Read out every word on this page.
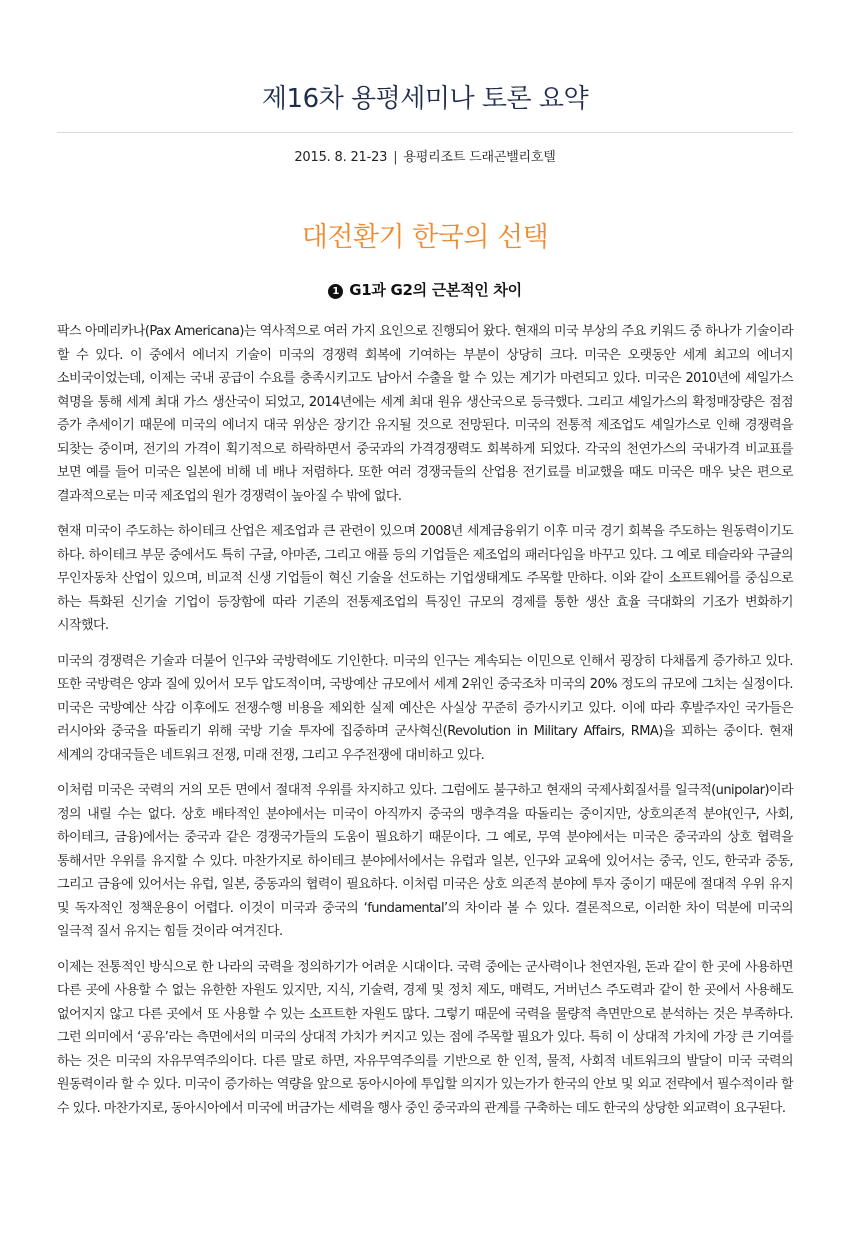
제16차 용평세미나 토론 요약
2015. 8. 21-23 | 용평리조트 드래곤밸리호텔
대전환기 한국의 선택
1 G1과 G2의 근본적인 차이

팍스 아메리카나(Pax Americana)는 역사적으로 여러 가지 요인으로 진행되어 왔다. 현재의 미국 부상의 주요 키워드 중 하나가 기술이라 할 수 있다. 이 중에서 에너지 기술이 미국의 경쟁력 회복에 기여하는 부분이 상당히 크다. 미국은 오랫동안 세계 최고의 에너지 소비국이었는데, 이제는 국내 공급이 수요를 충족시키고도 남아서 수출을 할 수 있는 계기가 마련되고 있다. 미국은 2010년에 셰일가스 혁명을 통해 세계 최대 가스 생산국이 되었고, 2014년에는 세계 최대 원유 생산국으로 등극했다. 그리고 셰일가스의 확정매장량은 점점 증가 추세이기 때문에 미국의 에너지 대국 위상은 장기간 유지될 것으로 전망된다. 미국의 전통적 제조업도 셰일가스로 인해 경쟁력을 되찾는 중이며, 전기의 가격이 획기적으로 하락하면서 중국과의 가격경쟁력도 회복하게 되었다. 각국의 천연가스의 국내가격 비교표를 보면 예를 들어 미국은 일본에 비해 네 배나 저렴하다. 또한 여러 경쟁국들의 산업용 전기료를 비교했을 때도 미국은 매우 낮은 편으로 결과적으로는 미국 제조업의 원가 경쟁력이 높아질 수 밖에 없다.

현재 미국이 주도하는 하이테크 산업은 제조업과 큰 관련이 있으며 2008년 세계금융위기 이후 미국 경기 회복을 주도하는 원동력이기도 하다. 하이테크 부문 중에서도 특히 구글, 아마존, 그리고 애플 등의 기업들은 제조업의 패러다임을 바꾸고 있다. 그 예로 테슬라와 구글의 무인자동차 산업이 있으며, 비교적 신생 기업들이 혁신 기술을 선도하는 기업생태계도 주목할 만하다. 이와 같이 소프트웨어를 중심으로 하는 특화된 신기술 기업이 등장함에 따라 기존의 전통제조업의 특징인 규모의 경제를 통한 생산 효율 극대화의 기조가 변화하기 시작했다.

미국의 경쟁력은 기술과 더불어 인구와 국방력에도 기인한다. 미국의 인구는 계속되는 이민으로 인해서 굉장히 다채롭게 증가하고 있다. 또한 국방력은 양과 질에 있어서 모두 압도적이며, 국방예산 규모에서 세계 2위인 중국조차 미국의 20% 정도의 규모에 그치는 실정이다. 미국은 국방예산 삭감 이후에도 전쟁수행 비용을 제외한 실제 예산은 사실상 꾸준히 증가시키고 있다. 이에 따라 후발주자인 국가들은 러시아와 중국을 따돌리기 위해 국방 기술 투자에 집중하며 군사혁신(Revolution in Military Affairs, RMA)을 꾀하는 중이다. 현재 세계의 강대국들은 네트워크 전쟁, 미래 전쟁, 그리고 우주전쟁에 대비하고 있다.

이처럼 미국은 국력의 거의 모든 면에서 절대적 우위를 차지하고 있다. 그럼에도 불구하고 현재의 국제사회질서를 일극적(unipolar)이라 정의 내릴 수는 없다. 상호 배타적인 분야에서는 미국이 아직까지 중국의 맹추격을 따돌리는 중이지만, 상호의존적 분야(인구, 사회, 하이테크, 금융)에서는 중국과 같은 경쟁국가들의 도움이 필요하기 때문이다. 그 예로, 무역 분야에서는 미국은 중국과의 상호 협력을 통해서만 우위를 유지할 수 있다. 마찬가지로 하이테크 분야에서에서는 유럽과 일본, 인구와 교육에 있어서는 중국, 인도, 한국과 중동, 그리고 금융에 있어서는 유럽, 일본, 중동과의 협력이 필요하다. 이처럼 미국은 상호 의존적 분야에 투자 중이기 때문에 절대적 우위 유지 및 독자적인 정책운용이 어렵다. 이것이 미국과 중국의 ‘fundamental’의 차이라 볼 수 있다. 결론적으로, 이러한 차이 덕분에 미국의 일극적 질서 유지는 힘들 것이라 여겨진다.

이제는 전통적인 방식으로 한 나라의 국력을 정의하기가 어려운 시대이다. 국력 중에는 군사력이나 천연자원, 돈과 같이 한 곳에 사용하면 다른 곳에 사용할 수 없는 유한한 자원도 있지만, 지식, 기술력, 경제 및 정치 제도, 매력도, 거버넌스 주도력과 같이 한 곳에서 사용해도 없어지지 않고 다른 곳에서 또 사용할 수 있는 소프트한 자원도 많다. 그렇기 때문에 국력을 물량적 측면만으로 분석하는 것은 부족하다. 그런 의미에서 ‘공유’라는 측면에서의 미국의 상대적 가치가 커지고 있는 점에 주목할 필요가 있다. 특히 이 상대적 가치에 가장 큰 기여를 하는 것은 미국의 자유무역주의이다. 다른 말로 하면, 자유무역주의를 기반으로 한 인적, 물적, 사회적 네트워크의 발달이 미국 국력의 원동력이라 할 수 있다. 미국이 증가하는 역량을 앞으로 동아시아에 투입할 의지가 있는가가 한국의 안보 및 외교 전략에서 필수적이라 할 수 있다. 마찬가지로, 동아시아에서 미국에 버금가는 세력을 행사 중인 중국과의 관계를 구축하는 데도 한국의 상당한 외교력이 요구된다.
